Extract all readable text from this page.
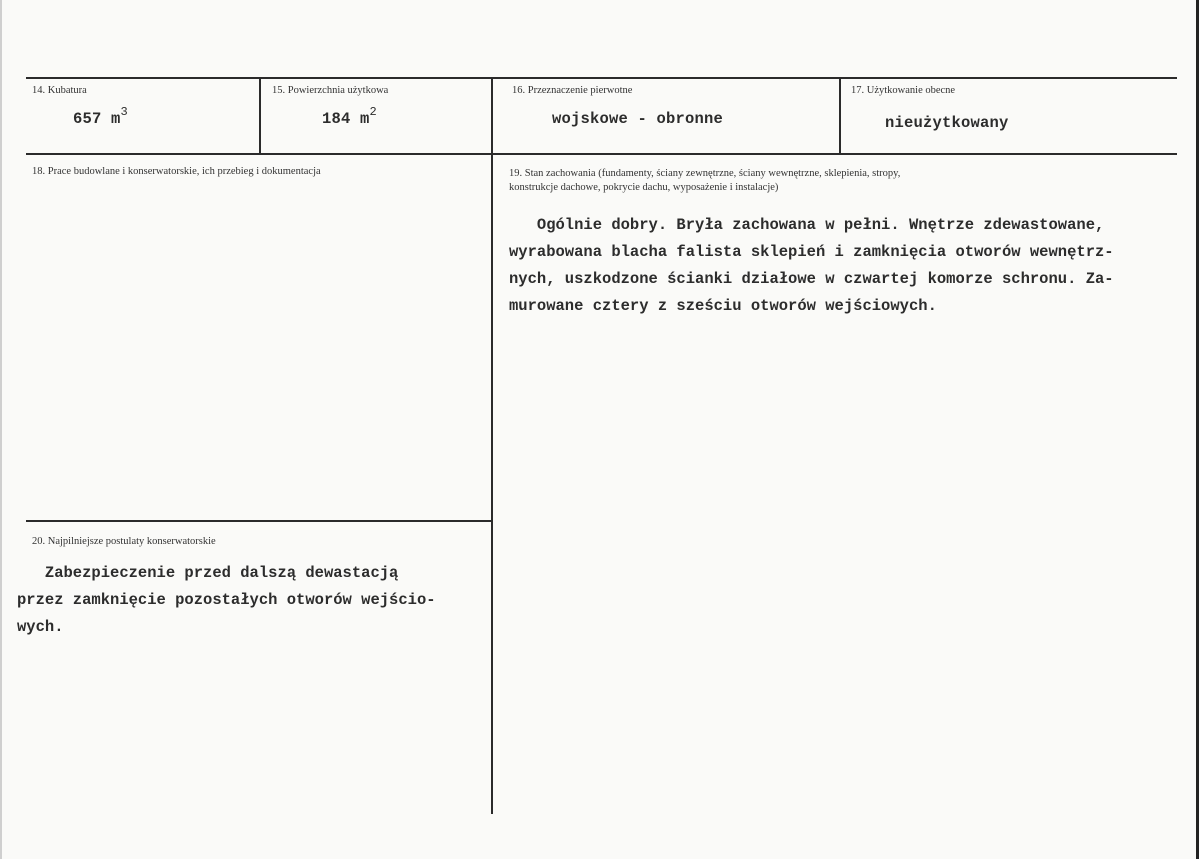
14. Kubatura
657 $m^3$
15. Powierzchnia użytkowa
184 $m^2$
16. Przeznaczenie pierwotne
wojskowe - obronne
17. Użytkowanie obecne
nieużytkowany
18. Prace budowlane i konserwatorskie, ich przebieg i dokumentacja	19. Stan zachowania (fundamenty, ściany zewnętrzne, ściany wewnętrzne, sklepienia, stropy,
konstrukcje dachowe, pokrycie dachu, wyposażenie i instalacje)
Ogólnie dobry. Bryła zachowana w pełni. Wnętrze zdewastowane,
wyrabowana blacha falista sklepień i zamknięcia otworów wewnętrz-
nych, uszkodzone ścianki działowe w czwartej komorze schronu. Za-
murowane cztery z sześciu otworów wejściowych.
20. Najpilniejsze postulaty konserwatorskie
Zabezpieczenie przed dalszą dewastacją
przez zamknięcie pozostałych otworów wejścio-
wych.
